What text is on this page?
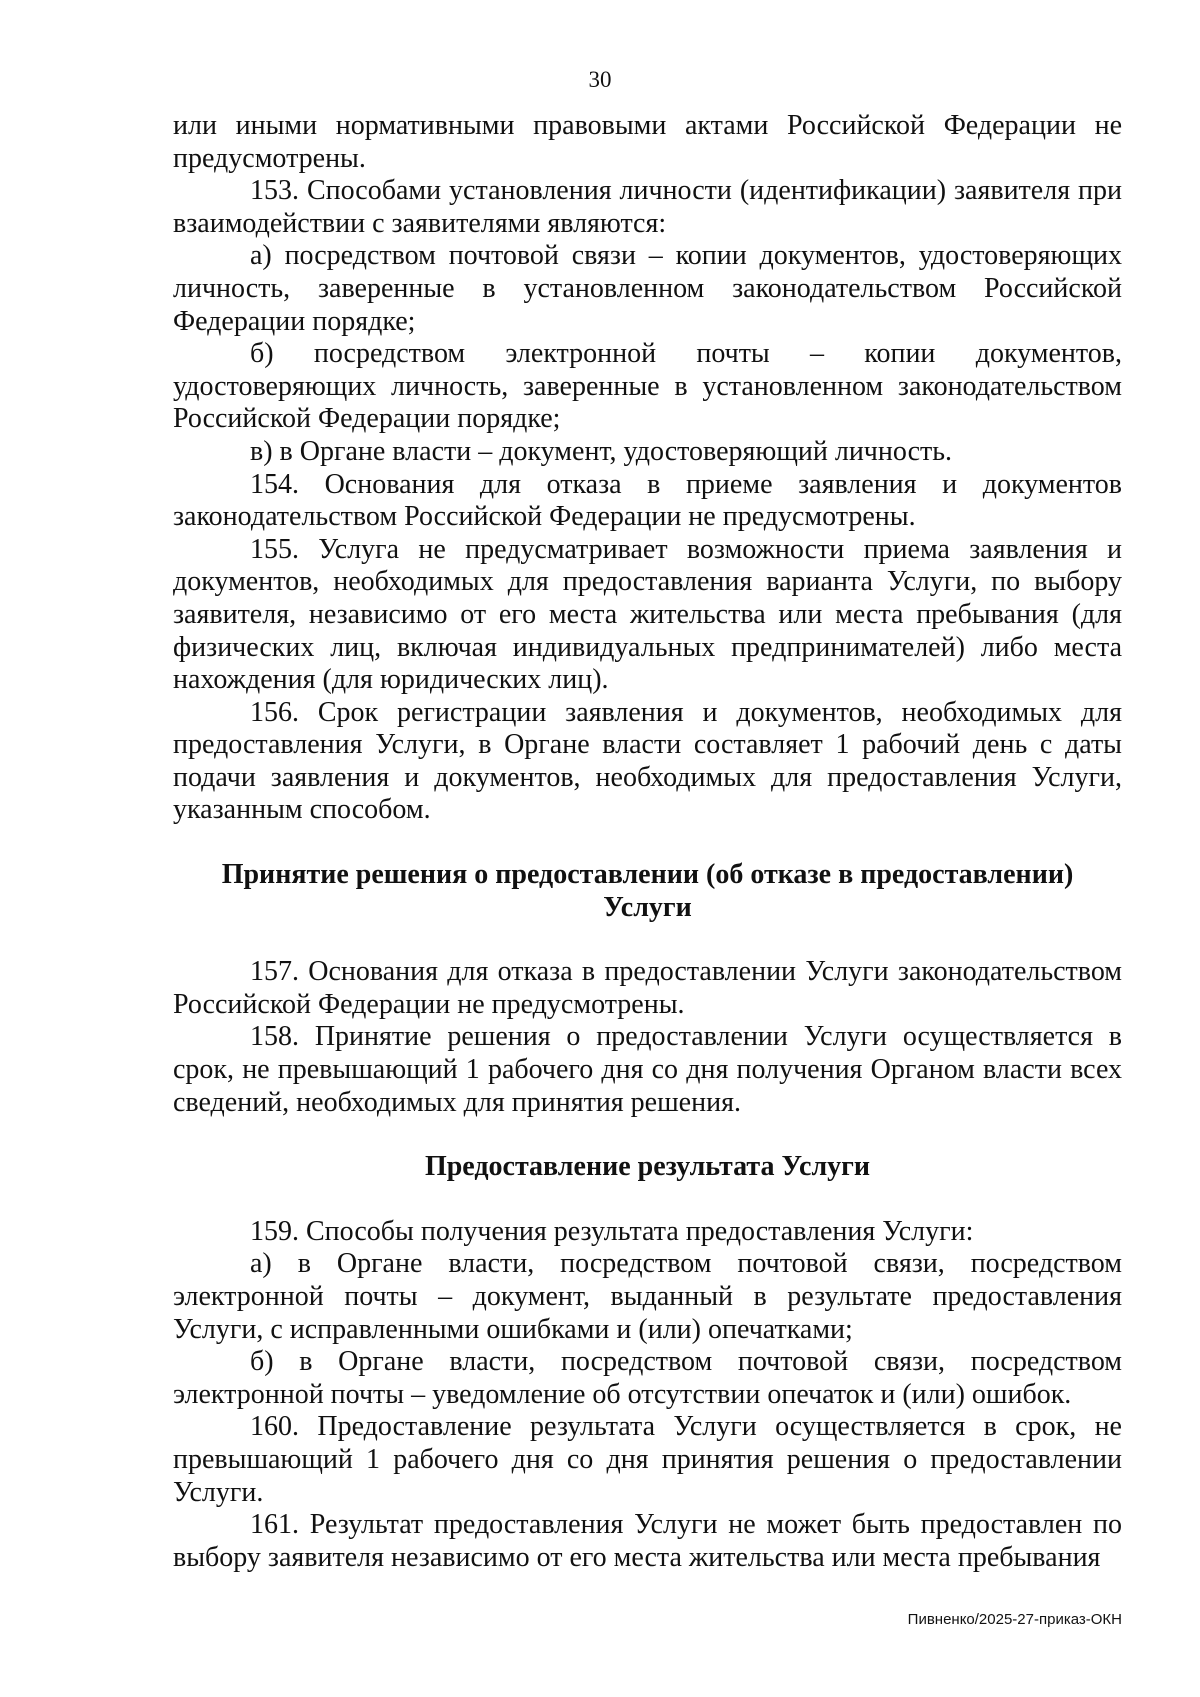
30

или иными нормативными правовыми актами Российской Федерации не предусмотрены.

153. Способами установления личности (идентификации) заявителя при взаимодействии с заявителями являются:

а) посредством почтовой связи – копии документов, удостоверяющих личность, заверенные в установленном законодательством Российской Федерации порядке;

б) посредством электронной почты – копии документов, удостоверяющих личность, заверенные в установленном законодательством Российской Федерации порядке;

в) в Органе власти – документ, удостоверяющий личность.

154. Основания для отказа в приеме заявления и документов законодательством Российской Федерации не предусмотрены.

155. Услуга не предусматривает возможности приема заявления и документов, необходимых для предоставления варианта Услуги, по выбору заявителя, независимо от его места жительства или места пребывания (для физических лиц, включая индивидуальных предпринимателей) либо места нахождения (для юридических лиц).

156. Срок регистрации заявления и документов, необходимых для предоставления Услуги, в Органе власти составляет 1 рабочий день с даты подачи заявления и документов, необходимых для предоставления Услуги, указанным способом.

Принятие решения о предоставлении (об отказе в предоставлении)
Услуги

157. Основания для отказа в предоставлении Услуги законодательством Российской Федерации не предусмотрены.

158. Принятие решения о предоставлении Услуги осуществляется в срок, не превышающий 1 рабочего дня со дня получения Органом власти всех сведений, необходимых для принятия решения.

Предоставление результата Услуги

159. Способы получения результата предоставления Услуги:

а) в Органе власти, посредством почтовой связи, посредством электронной почты – документ, выданный в результате предоставления Услуги, с исправленными ошибками и (или) опечатками;

б) в Органе власти, посредством почтовой связи, посредством электронной почты – уведомление об отсутствии опечаток и (или) ошибок.

160. Предоставление результата Услуги осуществляется в срок, не превышающий 1 рабочего дня со дня принятия решения о предоставлении Услуги.

161. Результат предоставления Услуги не может быть предоставлен по выбору заявителя независимо от его места жительства или места пребывания

Пивненко/2025-27-приказ-ОКН
